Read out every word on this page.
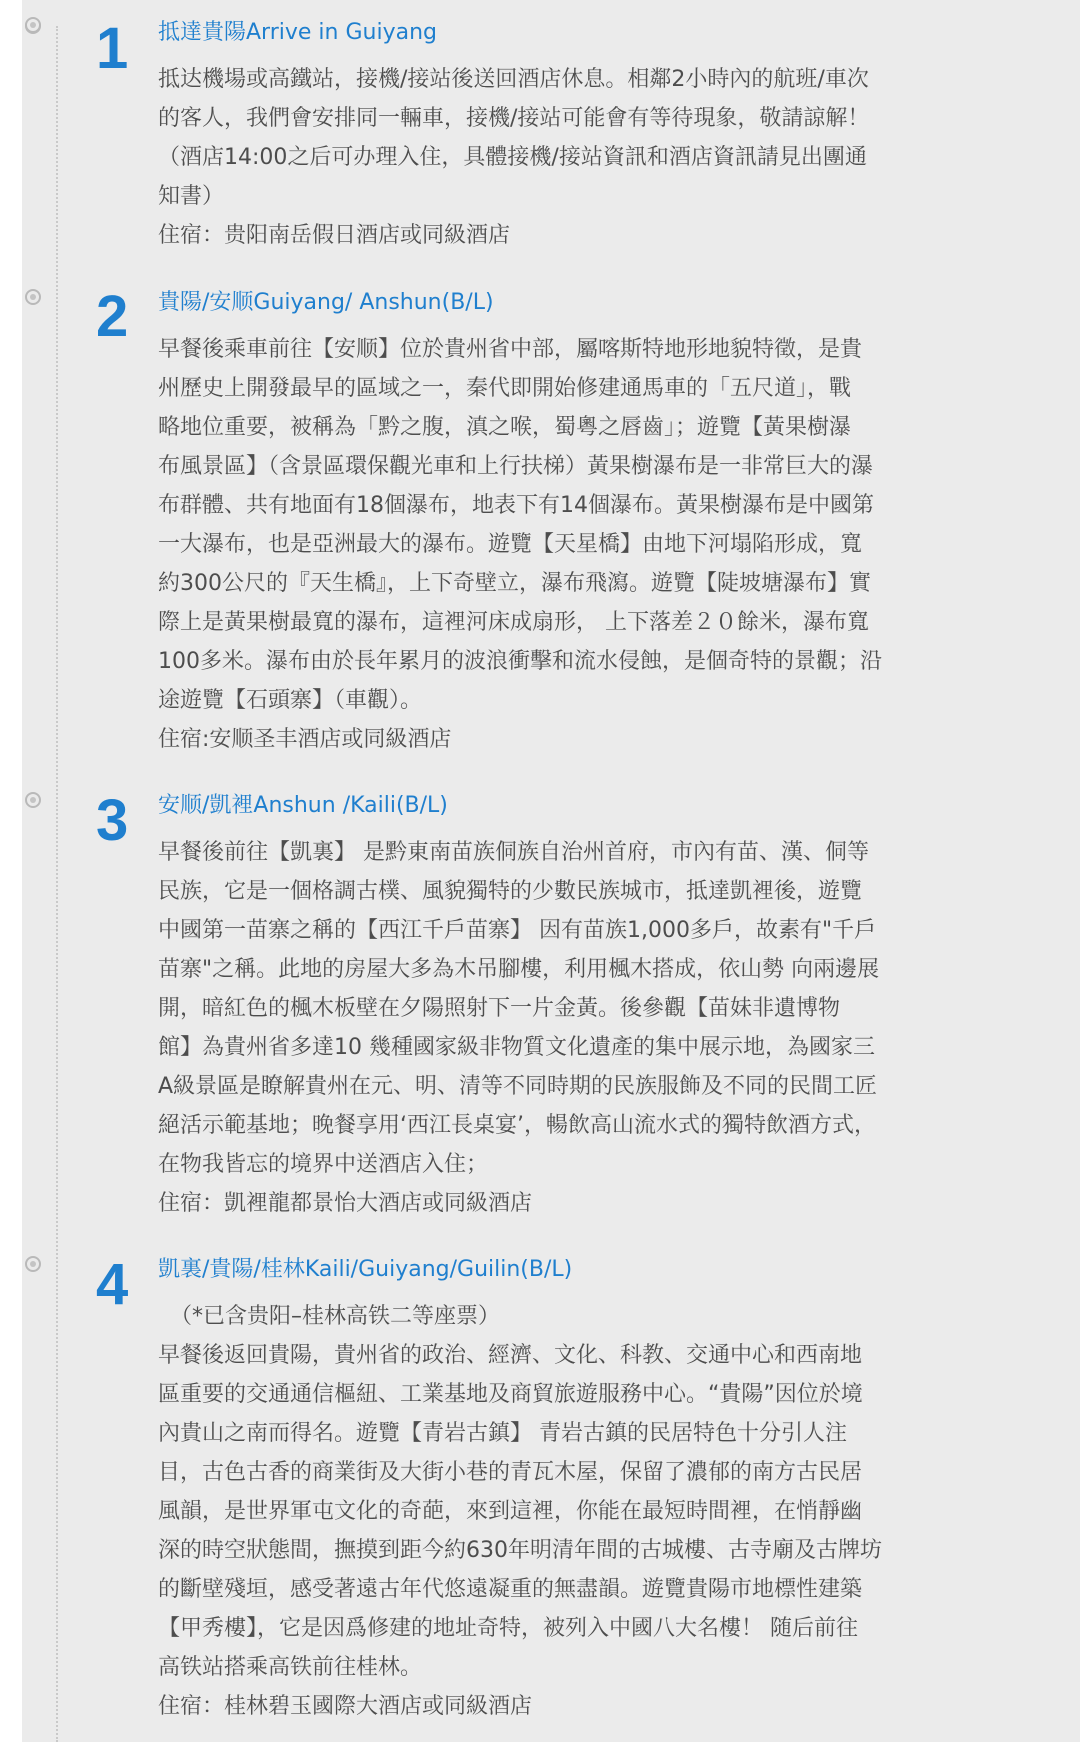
1	抵達貴陽Arrive in Guiyang

抵达機場或高鐵站，接機/接站後送回酒店休息。相鄰2小時內的航班/車次

的客人，我們會安排同一輛車，接機/接站可能會有等待現象，敬請諒解！

（酒店14:00之后可办理入住，具體接機/接站資訊和酒店資訊請見出團通

知書）

住宿：贵阳南岳假日酒店或同級酒店

2	貴陽/安顺Guiyang/ Anshun(B/L)

早餐後乘車前往【安顺】位於貴州省中部，屬喀斯特地形地貌特徵，是貴

州歷史上開發最早的區域之一，秦代即開始修建通馬車的「五尺道」，戰

略地位重要，被稱為「黔之腹，滇之喉，蜀粵之唇齒」；遊覽【黃果樹瀑

布風景區】（含景區環保觀光車和上行扶梯）黃果樹瀑布是一非常巨大的瀑

布群體、共有地面有18個瀑布，地表下有14個瀑布。黃果樹瀑布是中國第

一大瀑布，也是亞洲最大的瀑布。遊覽【天星橋】由地下河塌陷形成，寬

約300公尺的『天生橋』，上下奇壁立，瀑布飛瀉。遊覽【陡坡塘瀑布】實

際上是黃果樹最寬的瀑布，這裡河床成扇形， 上下落差２０餘米，瀑布寬

100多米。瀑布由於長年累月的波浪衝擊和流水侵蝕，是個奇特的景觀；沿

途遊覽【石頭寨】（車觀）。

住宿:安顺圣丰酒店或同級酒店

3	安顺/凱裡Anshun /Kaili(B/L)

早餐後前往【凱裏】 是黔東南苗族侗族自治州首府，市內有苗、漢、侗等

民族，它是一個格調古樸、風貌獨特的少數民族城市，抵達凱裡後，遊覽

中國第一苗寨之稱的【西江千戶苗寨】 因有苗族1,000多戶，故素有"千戶

苗寨"之稱。此地的房屋大多為木吊腳樓，利用楓木搭成，依山勢 向兩邊展

開，暗紅色的楓木板壁在夕陽照射下一片金黃。後參觀【苗妹非遺博物

館】為貴州省多達10 幾種國家級非物質文化遺產的集中展示地，為國家三

A級景區是瞭解貴州在元、明、清等不同時期的民族服飾及不同的民間工匠

絕活示範基地；晚餐享用‘西江長桌宴’，暢飲高山流水式的獨特飲酒方式，

在物我皆忘的境界中送酒店入住；

住宿：凱裡龍都景怡大酒店或同級酒店

4	凱裏/貴陽/桂林Kaili/Guiyang/Guilin(B/L)

（*已含贵阳–桂林高铁二等座票）

早餐後返回貴陽，貴州省的政治、經濟、文化、科教、交通中心和西南地

區重要的交通通信樞紐、工業基地及商貿旅遊服務中心。“貴陽”因位於境

內貴山之南而得名。遊覽【青岩古鎮】 青岩古鎮的民居特色十分引人注

目，古色古香的商業街及大街小巷的青瓦木屋，保留了濃郁的南方古民居

風韻，是世界軍屯文化的奇葩，來到這裡，你能在最短時間裡，在悄靜幽

深的時空狀態間，撫摸到距今約630年明清年間的古城樓、古寺廟及古牌坊

的斷壁殘垣，感受著遠古年代悠遠凝重的無盡韻。遊覽貴陽市地標性建築

【甲秀樓】，它是因爲修建的地址奇特，被列入中國八大名樓！ 随后前往

高铁站搭乘高铁前往桂林。

住宿：桂林碧玉國際大酒店或同級酒店
